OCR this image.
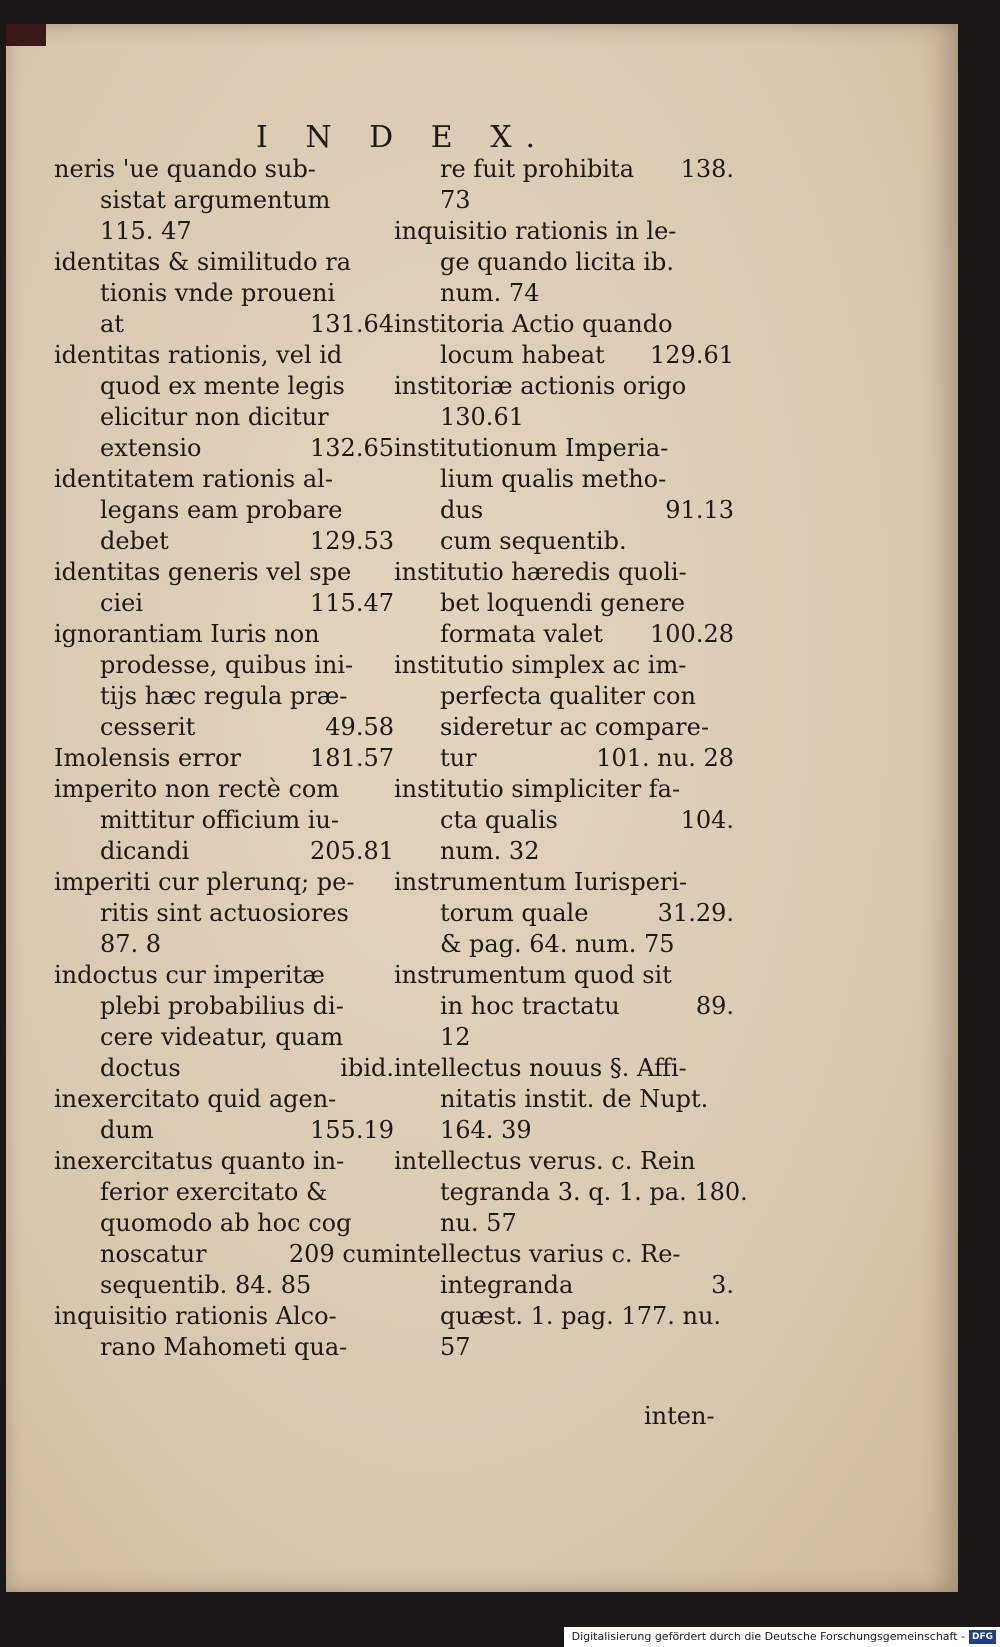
I N D E X.
neris 'ue quando sub-
sistat argumentum
115. 47
identitas & similitudo ra
tionis vnde proueni
at	131.64
identitas rationis, vel id
quod ex mente legis
elicitur non dicitur
extensio	132.65
identitatem rationis al-
legans eam probare
debet	129.53
identitas generis vel spe
ciei	115.47
ignorantiam Iuris non
prodesse, quibus ini-
tijs hæc regula præ-
cesserit	49.58
Imolensis error	181.57
imperito non rectè com
mittitur officium iu-
dicandi	205.81
imperiti cur plerunq; pe-
ritis sint actuosiores
87. 8
indoctus cur imperitæ
plebi probabilius di-
cere videatur, quam
doctus	ibid.
inexercitato quid agen-
dum	155.19
inexercitatus quanto in-
ferior exercitato &
quomodo ab hoc cog
noscatur	209 cum
sequentib. 84. 85
inquisitio rationis Alco-
rano Mahometi qua-
re fuit prohibita 138.
73
inquisitio rationis in le-
ge quando licita ib.
num. 74
institoria Actio quando
locum habeat 129.61
institoriæ actionis origo
130.61
institutionum Imperia-
lium qualis metho-
dus	91.13
cum sequentib.
institutio hæredis quoli-
bet loquendi genere
formata valet 100.28
institutio simplex ac im-
perfecta qualiter con
sideretur ac compare-
tur	101. nu. 28
institutio simpliciter fa-
cta qualis	104.
num. 32
instrumentum Iurisperi-
torum quale	31.29.
& pag. 64. num. 75
instrumentum quod sit
in hoc tractatu	89.
12
intellectus nouus §. Affi-
nitatis instit. de Nupt.
164. 39
intellectus verus. c. Rein
tegranda 3. q. 1. pa. 180.
nu. 57
intellectus varius c. Re-
integranda	3.
quæst. 1. pag. 177. nu.
57
inten-
Digitalisierung gefördert durch die Deutsche Forschungsgemeinschaft - DFG
